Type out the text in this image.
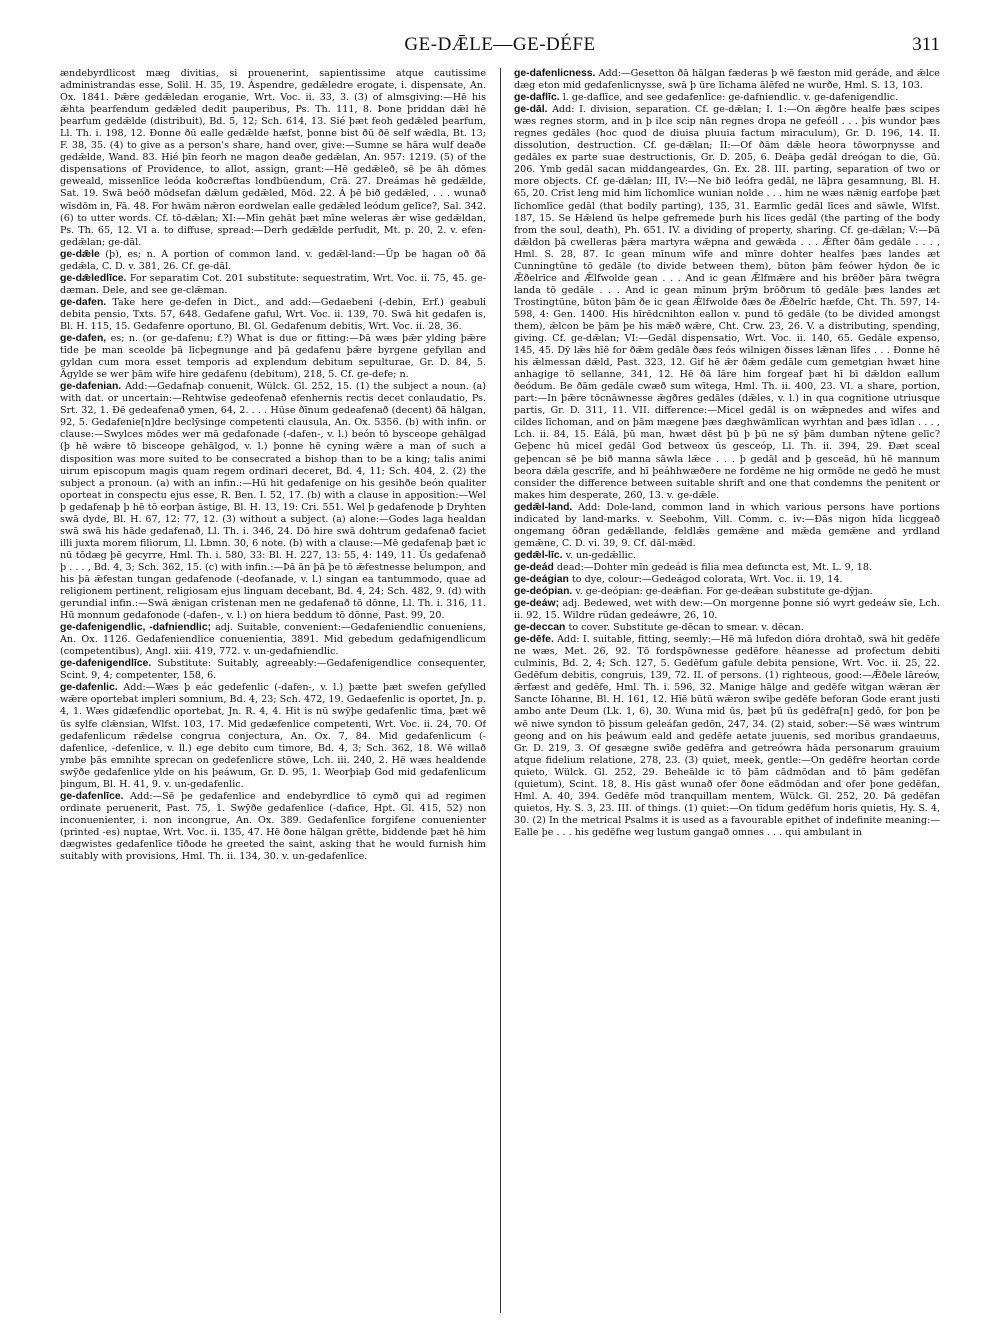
GE-DǢLE—GE-DÉFE	311

ændebyrdlicost mæg divitias, si prouenerint, sapientissime atque cautissime administrandas esse, Solil. H. 35, 19. Áspendre, gedǣledre erogate, i. dispensate, An. Ox. 1841. Þǣre gedǣledan eroganie, Wrt. Voc. ii. 33, 3. (3) of almsgiving:—Hē his ǣhta þearfendum gedǣled dedit pauperibus, Ps. Th. 111, 8. Þone þriddan dǣl hē þearfum gedǣlde (distribuit), Bd. 5, 12; Sch. 614, 13. Sié þæt feoh gedǣled þearfum, Ll. Th. i. 198, 12. Ðonne ðū ealle gedǣlde hæfst, þonne bist ðū ðē self wǣdla, Bt. 13; F. 38, 35. (4) to give as a person's share, hand over, give:—Sumne se hāra wulf deaðe gedǣlde, Wand. 83. Hié þīn feorh ne magon deaðe gedǣlan, An. 957: 1219. (5) of the dispensations of Providence, to allot, assign, grant:—Hē gedǣleð, sē þe āh dōmes geweald, missenlīce leóda koðcræftas londbūendum, Crā. 27. Dreámas hē gedǣlde, Sat. 19. Swā beóð mōdsefan dǣlum gedǣled, Mōd. 22. Á þē bið gedǣled, . . . wunað wīsdōm in, Fā. 48. For hwām nǣron eordwelan ealle gedǣled leódum gelīce?, Sal. 342. (6) to utter words. Cf. tō-dǣlan; XI:—Mīn gehāt þæt mīne weleras ǣr wīse gedǣldan, Ps. Th. 65, 12. VI a. to diffuse, spread:—Derh gedǣlde perfudit, Mt. p. 20, 2. v. efen-gedǣlan; ge-dāl.

ge-dǣle (þ), es; n. A portion of common land. v. gedǣl-land:—Ūp be hagan oð ðā gedǣla, C. D. v. 381, 26. Cf. ge-dāl.

ge-dǣledlīce. For separatim Cot. 201 substitute: sequestratim, Wrt. Voc. ii. 75, 45. ge-dæman. Dele, and see ge-clǣman.

ge-dafen. Take here ge-defen in Dict., and add:—Gedaebeni (-debin, Erf.) geabuli debita pensio, Txts. 57, 648. Gedafene gaful, Wrt. Voc. ii. 139, 70. Swā hit gedafen is, Bl. H. 115, 15. Gedafenre oportuno, Bl. Gl. Gedafenum debitis, Wrt. Voc. ii. 28, 36.

ge-dafen, es; n. (or ge-dafenu; f.?) What is due or fitting:—Þā wæs þǣr ylding þǣre tīde þe man sceolde þā līcþegnunge and þā gedafenu þǣre byrgene gefyllan and gyldan cum mora esset temporis ad explendum debitum sepulturae, Gr. D. 84, 5. Āgylde se wer þām wīfe hire gedafenu (debitum), 218, 5. Cf. ge-defe; n.

ge-dafenian. Add:—Gedafnaþ conuenit, Wülck. Gl. 252, 15. (1) the subject a noun. (a) with dat. or uncertain:—Rehtwīse gedeofenað efenhernis rectis decet conlaudatio, Ps. Srt. 32, 1. Ðē gedeafenað ymen, 64, 2. . . . Hūse ðīnum gedeafenað (decent) ðā hālgan, 92, 5. Gedafenie[n]dre beclȳsinge competenti clausula, An. Ox. 5356. (b) with infin. or clause:—Swylces mōdes wer mā gedafonade (-dafen-, v. l.) beón tō bysceope gehālgad (þ hē wǣre tō bisceope gehālgod, v. l.) þonne hē cyning wǣre a man of such a disposition was more suited to be consecrated a bishop than to be a king; talis animi uirum episcopum magis quam regem ordinari deceret, Bd. 4, 11; Sch. 404, 2. (2) the subject a pronoun. (a) with an infin.:—Hū hit gedafenige on his gesihðe beón qualiter oporteat in conspectu ejus esse, R. Ben. I. 52, 17. (b) with a clause in apposition:—Wel þ gedafenaþ þ hē tō eorþan āstige, Bl. H. 13, 19: Cri. 551. Wel þ gedafenode þ Dryhten swā dyde, Bl. H. 67, 12: 77, 12. (3) without a subject. (a) alone:—Godes laga healdan swā swā his hāde gedafenað, Ll. Th. i. 346, 24. Dō hire swā dohtrum gedafenað faciet illi juxta morem filiorum, Ll. Lbmn. 30, 6 note. (b) with a clause:—Mē gedafenaþ þæt ic nū tōdæg þē gecyrre, Hml. Th. i. 580, 33: Bl. H. 227, 13: 55, 4: 149, 11. Ūs gedafenað þ . . . , Bd. 4, 3; Sch. 362, 15. (c) with infin.:—Þā ān þā þe tō ǣfestnesse belumpon, and his þā ǣfestan tungan gedafenode (-deofanade, v. l.) singan ea tantummodo, quae ad religionem pertinent, religiosam ejus linguam decebant, Bd. 4, 24; Sch. 482, 9. (d) with gerundial infin.:—Swā ǣnigan crīstenan men ne gedafenað tō dōnne, Ll. Th. i. 316, 11. Hū monnum gedafonode (-dafen-, v. l.) on hiera beddum tō dōnne, Past. 99, 20.

ge-dafenigendlic, -dafniendlic; adj. Suitable, convenient:—Gedafeniendlic conueniens, An. Ox. 1126. Gedafeniendlice conuenientia, 3891. Mid gebedum gedafnigendlicum (competentibus), Angl. xiii. 419, 772. v. un-gedafniendlic.

ge-dafenigendlīce. Substitute: Suitably, agreeably:—Gedafenigendlice consequenter, Scint. 9, 4; competenter, 158, 6.

ge-dafenlic. Add:—Wæs þ eác gedefenlic (-dafen-, v. l.) þætte þæt swefen gefylled wǣre oportebat impleri somnium, Bd. 4, 23; Sch. 472, 19. Gedaefenlic is oportet, Jn. p. 4, 1. Wæs gidæfendlic oportebat, Jn. R. 4, 4. Hit is nū swȳþe gedafenlic tīma, þæt wē ūs sylfe clǣnsian, Wlfst. 103, 17. Mid gedæfenlice competenti, Wrt. Voc. ii. 24, 70. Of gedafenlicum rǣdelse congrua conjectura, An. Ox. 7, 84. Mid gedafenlicum (-dafenlice, -defenlice, v. ll.) ege debito cum timore, Bd. 4, 3; Sch. 362, 18. Wē willað ymbe þās emnihte sprecan on gedefenlicre stōwe, Lch. iii. 240, 2. Hē wæs healdende swȳðe gedafenlice ylde on his þeáwum, Gr. D. 95, 1. Weorþiaþ God mid gedafenlicum þingum, Bl. H. 41, 9. v. un-gedafenlic.

ge-dafenlīce. Add:—Sē þe gedafenlice and endebyrdlice tō cymð qui ad regimen ordinate peruenerit, Past. 75, 1. Swȳðe gedafenlice (-dafice, Hpt. Gl. 415, 52) non inconuenienter, i. non incongrue, An. Ox. 389. Gedafenlīce forgifene conuenienter (printed -es) nuptae, Wrt. Voc. ii. 135, 47. Hē ðone hālgan grētte, biddende þæt hē him dægwistes gedafenlīce tīðode he greeted the saint, asking that he would furnish him suitably with provisions, Hml. Th. ii. 134, 30. v. un-gedafenlīce.

ge-dafenlicness. Add:—Gesetton ðā hālgan fæderas þ wē fæston mid geráde, and ǣlce dæg eton mid gedafenlicnysse, swā þ ūre līchama ālēfed ne wurðe, Hml. S. 13, 103.

ge-daflīc. l. ge-daflīce, and see gedafenlīce: ge-dafniendlic. v. ge-dafenigendlic.

ge-dāl. Add: I. division, separation. Cf. ge-dǣlan; I. 1:—On ǣgðre healfe þæs scipes wæs regnes storm, and in þ ilce scip nān regnes dropa ne gefeóll . . . þis wundor þæs regnes gedāles (hoc quod de diuisa pluuia factum miraculum), Gr. D. 196, 14. II. dissolution, destruction. Cf. ge-dǣlan; II:—Of ðām dǣle heora tōworpnysse and gedāles ex parte suae destructionis, Gr. D. 205, 6. Deāþa gedāl dreógan to die, Gū. 206. Ymb gedāl sacan middangeardes, Gn. Ex. 28. III. parting, separation of two or more objects. Cf. ge-dǣlan; III, IV:—Ne bið leófra gedāl, ne lāþra gesamnung, Bl. H. 65, 20. Crīst leng mid him līchomlice wunian nolde . . . him ne wæs nǣnig earfoþe þæt līchomlīce gedāl (that bodily parting), 135, 31. Earmlīc gedāl līces and sāwle, Wlfst. 187, 15. Se Hǣlend ūs helpe gefremede þurh his līces gedāl (the parting of the body from the soul, death), Ph. 651. IV. a dividing of property, sharing. Cf. ge-dǣlan; V:—Þā dǣldon þā cwelleras þǣra martyra wǣpna and gewǣda . . . Ǣfter ðām gedāle . . . , Hml. S. 28, 87. Ic gean mīnum wīfe and mīnre dohter healfes þæs landes æt Cunningtūne tō gedāle (to divide between them), būton þām feówer hȳdon ðe ic Ǣðelrīce and Ǣlfwolde gean . . . And ic gean Ǣlfmǣre and his brēðer þāra twēgra landa tō gedāle . . . And ic gean mīnum þrȳm brōðrum tō gedāle þæs landes æt Trostingtūne, būton þām ðe ic gean Ǣlfwolde ðæs ðe Ǣðelrīc hæfde, Cht. Th. 597, 14-598, 4: Gen. 1400. His hīrēdcnihton eallon v. pund tō gedāle (to be divided amongst them), ǣlcon be þām þe hīs mǣð wǣre, Cht. Crw. 23, 26. V. a distributing, spending, giving. Cf. ge-dǣlan; VI:—Gedāl dispensatio, Wrt. Voc. ii. 140, 65. Gedāle expenso, 145, 45. Dȳ lǣs hīē for ðǣm gedāle ðæs feós wilnigen ðisses lǣnan līfes . . . Ðonne hē his ǣlmessan dǣld, Past. 323, 12. Gif hē ǣr ðǣm gedāle cum gemetgian hwæt hine anhagige tō sellanne, 341, 12. Hē ðā lāre him forgeaf þæt hī bī dǣldon eallum ðeódum. Be ðām gedāle cwæð sum wītega, Hml. Th. ii. 400, 23. VI. a share, portion, part:—In þǣre tōcnāwnesse ǣgðres gedāles (dǣles, v. l.) in qua cognitione utriusque partis, Gr. D. 311, 11. VII. difference:—Micel gedāl is on wǣpnedes and wīfes and cildes līchoman, and on þām mægene þæs dæghwāmlīcan wyrhtan and þæs īdlan . . . , Lch. ii. 84, 15. Eálā, þū man, hwæt dēst þū þ þū ne sȳ þām dumban nȳtene gelīc? Geþenc hū micel gedāl God betweox ūs gesceóp, Ll. Th. ii. 394, 29. Ðæt sceal geþencan sē þe bið manna sāwla lǣce . . . þ gedāl and þ gesceād, hū hē mannum beora dǣla gescrīfe, and hī þeáhhwæðere ne fordēme ne hig ormōde ne gedō he must consider the difference between suitable shrift and one that condemns the penitent or makes him desperate, 260, 13. v. ge-dǣle.

gedǣl-land. Add: Dole-land, common land in which various persons have portions indicated by land-marks. v. Seebohm, Vill. Comm. c. iv:—Ðās nigon hīda licggeað ongemang ōðran gedǣllande, feldlǣs gemǣne and mǣda gemǣne and yrdland gemǣne, C. D. vi. 39, 9. Cf. dāl-mǣd.

gedǣl-līc. v. un-gedǣllic.

ge-deád dead:—Dohter mīn gedeád is filia mea defuncta est, Mt. L. 9, 18.

ge-deágian to dye, colour:—Gedeágod colorata, Wrt. Voc. ii. 19, 14.

ge-deópian. v. ge-deópian: ge-deǣfian. For ge-deǣan substitute ge-dȳjan.

ge-deáw; adj. Bedewed, wet with dew:—On morgenne þonne sió wyrt gedeáw sīe, Lch. ii. 92, 15. Wildre rūdan gedeáwre, 26, 10.

ge-deccan to cover. Substitute ge-dēcan to smear. v. dēcan.

ge-dēfe. Add: I. suitable, fitting, seemly:—Hē mā lufedon dióra drohtað, swā hit gedēfe ne wæs, Met. 26, 92. Tō fordspōwnesse gedēfore hēanesse ad profectum debiti culminis, Bd. 2, 4; Sch. 127, 5. Gedēfum gafule debita pensione, Wrt. Voc. ii. 25, 22. Gedēfum debitis, congruis, 139, 72. II. of persons. (1) righteous, good:—Ǣðele lāreów, ǣrfæst and gedēfe, Hml. Th. i. 596, 32. Manige hālge and gedēfe wītgan wǣran ǣr Sancte Iōhanne, Bl. H. 161, 12. Hīē būtū wǣron swīþe gedēfe beforan Gode erant justi ambo ante Deum (Lk. 1, 6), 30. Wuna mid ūs, þæt þū ūs gedēfra[n] gedō, for þon þe wē niwe syndon tō þissum geleáfan gedōn, 247, 34. (2) staid, sober:—Sē wæs wintrum geong and on his þeáwum eald and gedēfe aetate juuenis, sed moribus grandaeuus, Gr. D. 219, 3. Of gesægne swīðe gedēfra and getreówra hāda personarum grauium atque fidelium relatione, 278, 23. (3) quiet, meek, gentle:—On gedēfre heortan corde quieto, Wülck. Gl. 252, 29. Beheālde ic tō þām cādmōdan and tō þām gedēfan (quietum), Scint. 18, 8. His gāst wunað ofer ðone eādmōdan and ofer þone gedēfan, Hml. A. 40, 394. Gedēfe mōd tranquillam mentem, Wülck. Gl. 252, 20. Þā gedēfan quietos, Hy. S. 3, 23. III. of things. (1) quiet:—On tīdum gedēfum horis quietis, Hy. S. 4, 30. (2) In the metrical Psalms it is used as a favourable epithet of indefinite meaning:—Ealle þe . . . his gedēfne weg lustum gangað omnes . . . qui ambulant in
